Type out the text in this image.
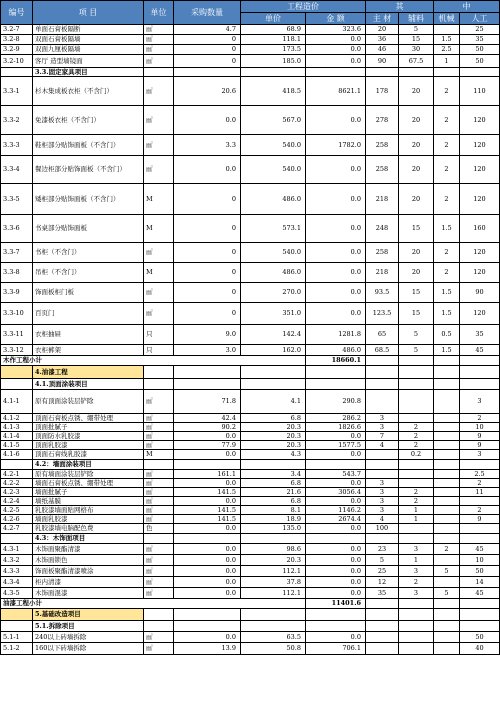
编号	项 目	单位	采购数量	工程造价		其		中	
				单价	金 额	主 材	辅料	机械	人工
3.2-7	单面石膏板隔断	㎡	4.7	68.9	323.6	20	5		25
3.2-8	双面石膏板隔墙	㎡	0	118.1	0.0	36	15	1.5	35
3.2-9	双面九厘板隔墙	㎡	0	173.5	0.0	46	30	2.5	50
3.2-10	客厅 造型墙镜面	㎡	0	185.0	0.0	90	67.5	1	50
	3.3.固定家具项目								
3.3-1	杉木集成板衣柜（不含门）	㎡	20.6	418.5	8621.1	178	20	2	110
3.3-2	免漆板衣柜（不含门）	㎡	0.0	567.0	0.0	278	20	2	120
3.3-3	鞋柜部分贴饰面板（不含门）	㎡	3.3	540.0	1782.0	258	20	2	120
3.3-4	餐边柜部分贴饰面板（不含门）	㎡	0.0	540.0	0.0	258	20	2	120
3.3-5	矮柜部分贴饰面板（不含门）	M	0	486.0	0.0	218	20	2	120
3.3-6	书桌部分贴饰面板	M	0	573.1	0.0	248	15	1.5	160
3.3-7	书柜（不含门）	㎡	0	540.0	0.0	258	20	2	120
3.3-8	吊柜（不含门）	M	0	486.0	0.0	218	20	2	120
3.3-9	饰面板柜门板	㎡	0	270.0	0.0	93.5	15	1.5	90
3.3-10	百页门	㎡	0	351.0	0.0	123.5	15	1.5	120
3.3-11	衣柜抽屉	只	9.0	142.4	1281.8	65	5	0.5	35
3.3-12	衣柜裤架	只	3.0	162.0	486.0	68.5	5	1.5	45
木作工程小计					18660.1				
	4.油漆工程								
	4.1.顶面涂装项目								
4.1-1	原有顶面涂装层铲除	㎡	71.8	4.1	290.8				3
4.1-2	顶面石膏板点锈、绷带处理	㎡	42.4	6.8	286.2	3			2
4.1-3	顶面批腻子	㎡	90.2	20.3	1826.6	3	2		10
4.1-4	顶面防水乳胶漆	㎡	0.0	20.3	0.0	7	2		9
4.1-5	顶面乳胶漆	㎡	77.9	20.3	1577.5	4	2		9
4.1-6	顶面石膏线乳胶漆	M	0.0	4.3	0.0		0.2		3
	4.2：墙面涂装项目								
4.2-1	原有墙面涂装层铲除	㎡	161.1	3.4	543.7				2.5
4.2-2	墙面石膏板点锈、绷带处理	㎡	0.0	6.8	0.0	3			2
4.2-3	墙面批腻子	㎡	141.5	21.6	3056.4	3	2		11
4.2-4	墙纸基膜	㎡	0.0	6.8	0.0	3	2		
4.2-5	乳胶漆墙面贴网格布	㎡	141.5	8.1	1146.2	3	1		2
4.2-6	墙面乳胶漆	㎡	141.5	18.9	2674.4	4	1		9
4.2-7	乳胶漆墙电脑配色费	色	0.0	135.0	0.0	100			
	4.3：木饰面项目								
4.3-1	木饰面聚酯清漆	㎡	0.0	98.6	0.0	23	3	2	45
4.3-2	木饰面锁色	㎡	0.0	20.3	0.0	5	1		10
4.3-3	饰面板聚酯清漆喷涂	㎡	0.0	112.1	0.0	25	3	5	50
4.3-4	柜内清漆	㎡	0.0	37.8	0.0	12	2		14
4.3-5	木饰面混漆	㎡	0.0	112.1	0.0	35	3	5	45
油漆工程小计					11401.6				
	5.基础改造项目								
	5.1.拆除项目								
5.1-1	240以上砖墙拆除	㎡	0.0	63.5	0.0				50
5.1-2	160以下砖墙拆除	㎡	13.9	50.8	706.1				40
